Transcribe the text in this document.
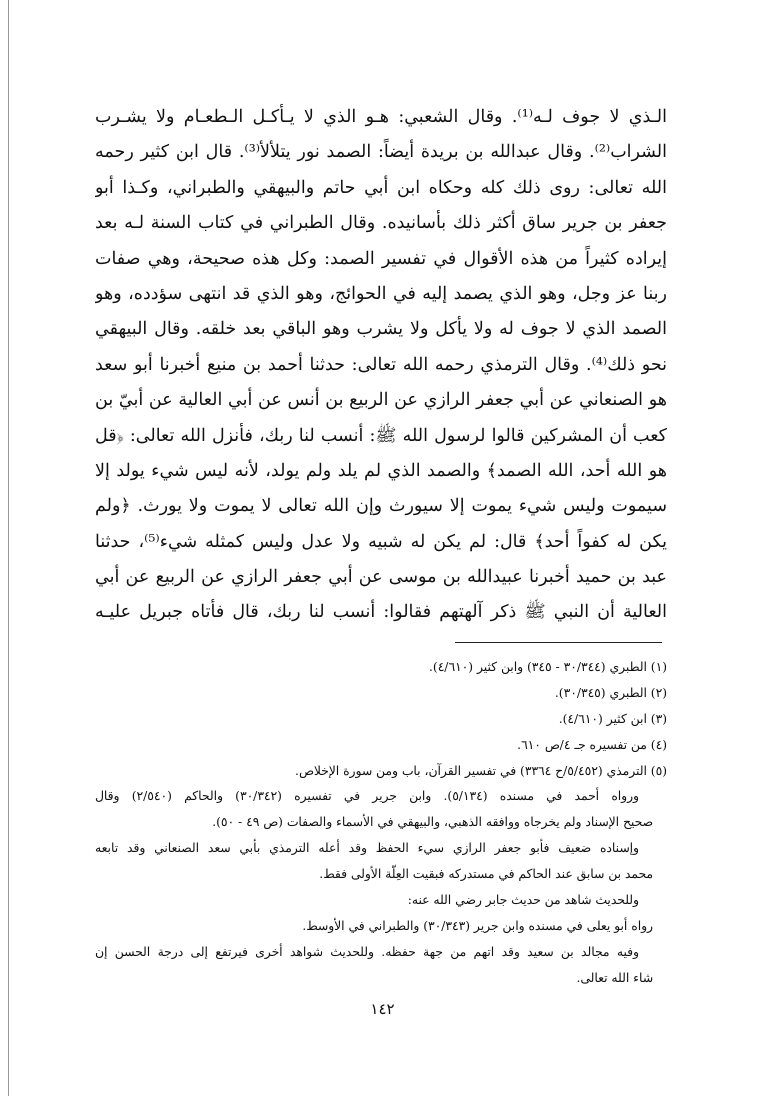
الـذي لا جوف لـه⁽¹⁾. وقال الشعبي: هـو الذي لا يـأكـل الـطعـام ولا يشـرب
الشراب⁽²⁾. وقال عبدالله بن بريدة أيضاً: الصمد نور يتلألأ⁽³⁾. قال ابن كثير رحمه
الله تعالى: روى ذلك كله وحكاه ابن أبي حاتم والبيهقي والطبراني، وكـذا أبو
جعفر بن جرير ساق أكثر ذلك بأسانيده. وقال الطبراني في كتاب السنة لـه بعد
إيراده كثيراً من هذه الأقوال في تفسير الصمد: وكل هذه صحيحة، وهي صفات
ربنا عز وجل، وهو الذي يصمد إليه في الحوائج، وهو الذي قد انتهى سؤدده، وهو
الصمد الذي لا جوف له ولا يأكل ولا يشرب وهو الباقي بعد خلقه. وقال البيهقي
نحو ذلك⁽⁴⁾. وقال الترمذي رحمه الله تعالى: حدثنا أحمد بن منيع أخبرنا أبو سعد
هو الصنعاني عن أبي جعفر الرازي عن الربيع بن أنس عن أبي العالية عن أبيّ بن
كعب أن المشركين قالوا لرسول الله ﷺ: أنسب لنا ربك، فأنزل الله تعالى: ﴿قل
هو الله أحد، الله الصمد﴾ والصمد الذي لم يلد ولم يولد، لأنه ليس شيء يولد إلا
سيموت وليس شيء يموت إلا سيورث وإن الله تعالى لا يموت ولا يورث. ﴿ولم
يكن له كفواً أحد﴾ قال: لم يكن له شبيه ولا عدل وليس كمثله شيء⁽⁵⁾، حدثنا
عبد بن حميد أخبرنا عبيدالله بن موسى عن أبي جعفر الرازي عن الربيع عن أبي
العالية أن النبي ﷺ ذكر آلهتهم فقالوا: أنسب لنا ربك، قال فأتاه جبريل عليـه
(١) الطبري (٣٠/٣٤٤ - ٣٤٥) وابن كثير (٤/٦١٠).
(٢) الطبري (٣٠/٣٤٥).
(٣) ابن كثير (٤/٦١٠).
(٤) من تفسيره جـ ٤/ص ٦١٠.
(٥) الترمذي (٥/٤٥٢/ح ٣٣٦٤) في تفسير القرآن، باب ومن سورة الإخلاص.
ورواه أحمد في مسنده (٥/١٣٤). وابن جرير في تفسيره (٣٠/٣٤٢) والحاكم (٢/٥٤٠) وقال
صحيح الإسناد ولم يخرجاه ووافقه الذهبي، والبيهقي في الأسماء والصفات (ص ٤٩ - ٥٠).
وإسناده ضعيف فأبو جعفر الرازي سيء الحفظ وقد أعله الترمذي بأبي سعد الصنعاني وقد تابعه
محمد بن سابق عند الحاكم في مستدركه فبقيت العِلّة الأولى فقط.
وللحديث شاهد من حديث جابر رضي الله عنه:
رواه أبو يعلى في مسنده وابن جرير (٣٠/٣٤٣) والطبراني في الأوسط.
وفيه مجالد بن سعيد وقد اتهم من جهة حفظه. وللحديث شواهد أخرى فيرتفع إلى درجة الحسن إن
شاء الله تعالى.
١٤٢
